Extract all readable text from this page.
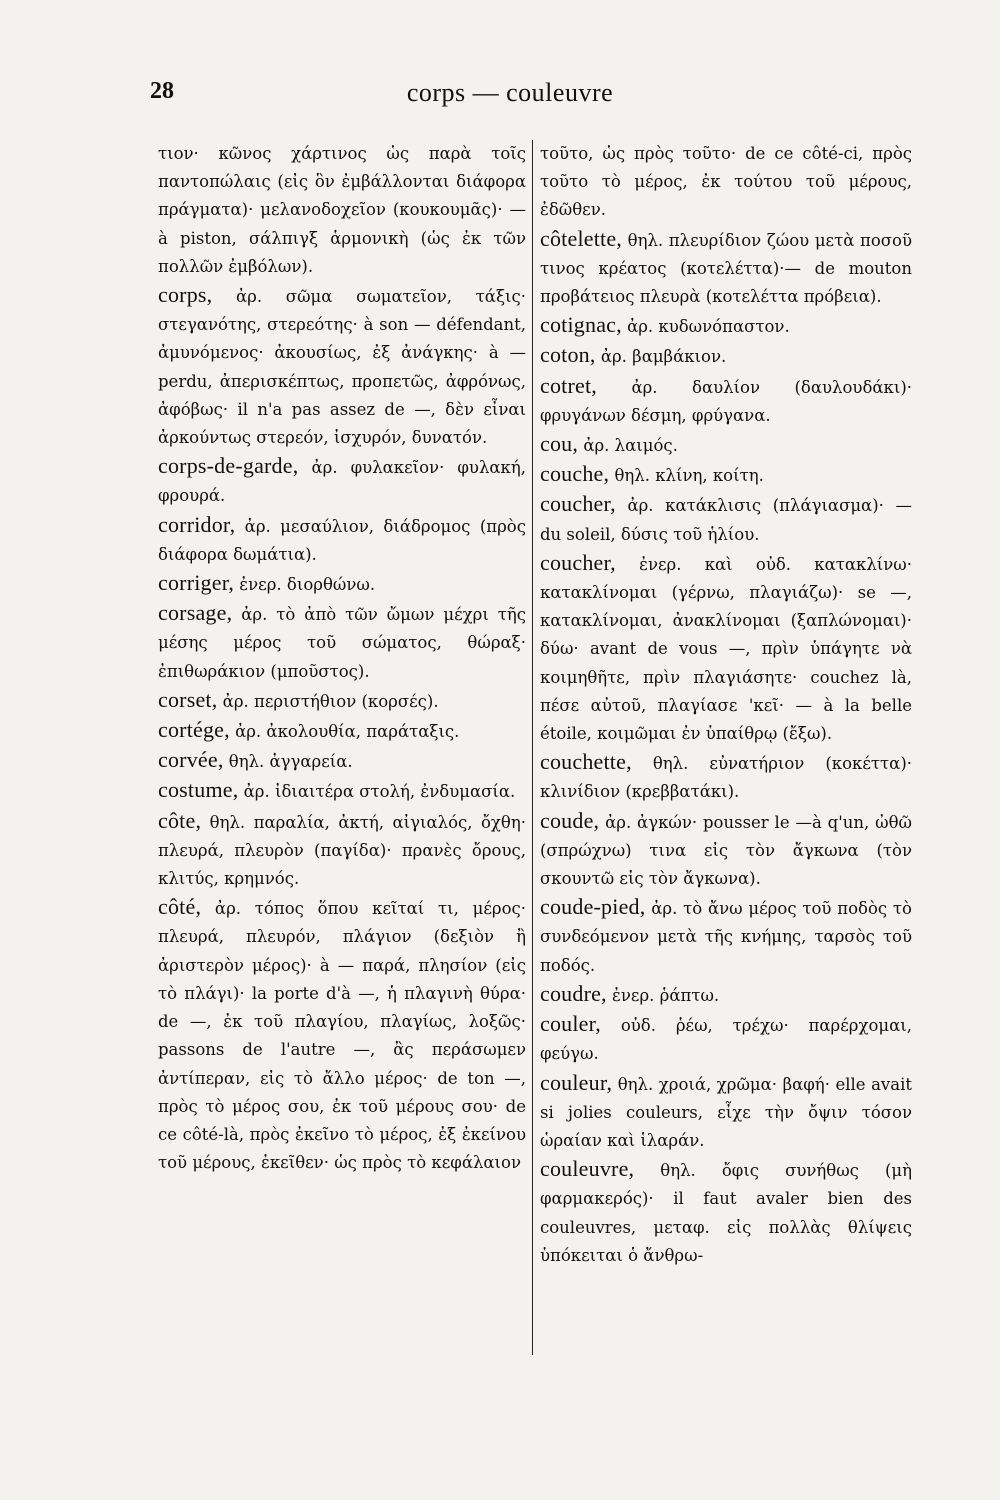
28	corps — couleuvre

τιον· κῶνος χάρτινος ὡς παρὰ τοῖς παντοπώλαις (εἰς ὃν ἐμβάλλονται διάφορα πράγματα)· μελανοδοχεῖον (κουκουμᾶς)· — à piston, σάλπιγξ ἁρμονικὴ (ὡς ἐκ τῶν πολλῶν ἐμβόλων).

corps, ἀρ. σῶμα σωματεῖον, τάξις· στεγανότης, στερεότης· à son — défendant, ἀμυνόμενος· ἀκουσίως, ἐξ ἀνάγκης· à — perdu, ἀπερισκέπτως, προπετῶς, ἀφρόνως, ἀφόβως· il n'a pas assez de —, δὲν εἶναι ἀρκούντως στερεόν, ἰσχυρόν, δυνατόν.

corps-de-garde, ἀρ. φυλακεῖον· φυλακή, φρουρά.

corridor, ἀρ. μεσαύλιον, διάδρομος (πρὸς διάφορα δωμάτια).

corriger, ἐνερ. διορθώνω.

corsage, ἀρ. τὸ ἀπὸ τῶν ὤμων μέχρι τῆς μέσης μέρος τοῦ σώματος, θώραξ· ἐπιθωράκιον (μποῦστος).

corset, ἀρ. περιστήθιον (κορσές).

cortége, ἀρ. ἀκολουθία, παράταξις.

corvée, θηλ. ἀγγαρεία.

costume, ἀρ. ἰδιαιτέρα στολή, ἐνδυμασία.

côte, θηλ. παραλία, ἀκτή, αἰγιαλός, ὄχθη· πλευρά, πλευρὸν (παγίδα)· πρανὲς ὄρους, κλιτύς, κρημνός.

côté, ἀρ. τόπος ὅπου κεῖταί τι, μέρος· πλευρά, πλευρόν, πλάγιον (δεξιὸν ἢ ἀριστερὸν μέρος)· à — παρά, πλησίον (εἰς τὸ πλάγι)· la porte d'à —, ἡ πλαγινὴ θύρα· de —, ἐκ τοῦ πλαγίου, πλαγίως, λοξῶς· passons de l'autre —, ἂς περάσωμεν ἀντίπεραν, εἰς τὸ ἄλλο μέρος· de ton —, πρὸς τὸ μέρος σου, ἐκ τοῦ μέρους σου· de ce côté-là, πρὸς ἐκεῖνο τὸ μέρος, ἐξ ἐκείνου τοῦ μέρους, ἐκεῖθεν· ὡς πρὸς τὸ κεφάλαιον

τοῦτο, ὡς πρὸς τοῦτο· de ce côté-ci, πρὸς τοῦτο τὸ μέρος, ἐκ τούτου τοῦ μέρους, ἐδῶθεν.

côtelette, θηλ. πλευρίδιον ζώου μετὰ ποσοῦ τινος κρέατος (κοτελέττα)·— de mouton προβάτειος πλευρὰ (κοτελέττα πρόβεια).

cotignac, ἀρ. κυδωνόπαστον.

coton, ἀρ. βαμβάκιον.

cotret, ἀρ. δαυλίον (δαυλουδάκι)· φρυγάνων δέσμη, φρύγανα.

cou, ἀρ. λαιμός.

couche, θηλ. κλίνη, κοίτη.

coucher, ἀρ. κατάκλισις (πλάγιασμα)· — du soleil, δύσις τοῦ ἡλίου.

coucher, ἐνερ. καὶ οὐδ. κατακλίνω· κατακλίνομαι (γέρνω, πλαγιάζω)· se —, κατακλίνομαι, ἀνακλίνομαι (ξαπλώνομαι)· δύω· avant de vous —, πρὶν ὑπάγητε νὰ κοιμηθῆτε, πρὶν πλαγιάσητε· couchez là, πέσε αὐτοῦ, πλαγίασε 'κεῖ· — à la belle étoile, κοιμῶμαι ἐν ὑπαίθρῳ (ἔξω).

couchette, θηλ. εὐνατήριον (κοκέττα)· κλινίδιον (κρεββατάκι).

coude, ἀρ. ἀγκών· pousser le —à q'un, ὠθῶ (σπρώχνω) τινα εἰς τὸν ἄγκωνα (τὸν σκουντῶ εἰς τὸν ἄγκωνα).

coude-pied, ἀρ. τὸ ἄνω μέρος τοῦ ποδὸς τὸ συνδεόμενον μετὰ τῆς κνήμης, ταρσὸς τοῦ ποδός.

coudre, ἐνερ. ῥάπτω.

couler, οὐδ. ῥέω, τρέχω· παρέρχομαι, φεύγω.

couleur, θηλ. χροιά, χρῶμα· βαφή· elle avait si jolies couleurs, εἶχε τὴν ὄψιν τόσον ὡραίαν καὶ ἱλαράν.

couleuvre, θηλ. ὄφις συνήθως (μὴ φαρμακερός)· il faut avaler bien des couleuvres, μεταφ. εἰς πολλὰς θλίψεις ὑπόκειται ὁ ἄνθρω-
